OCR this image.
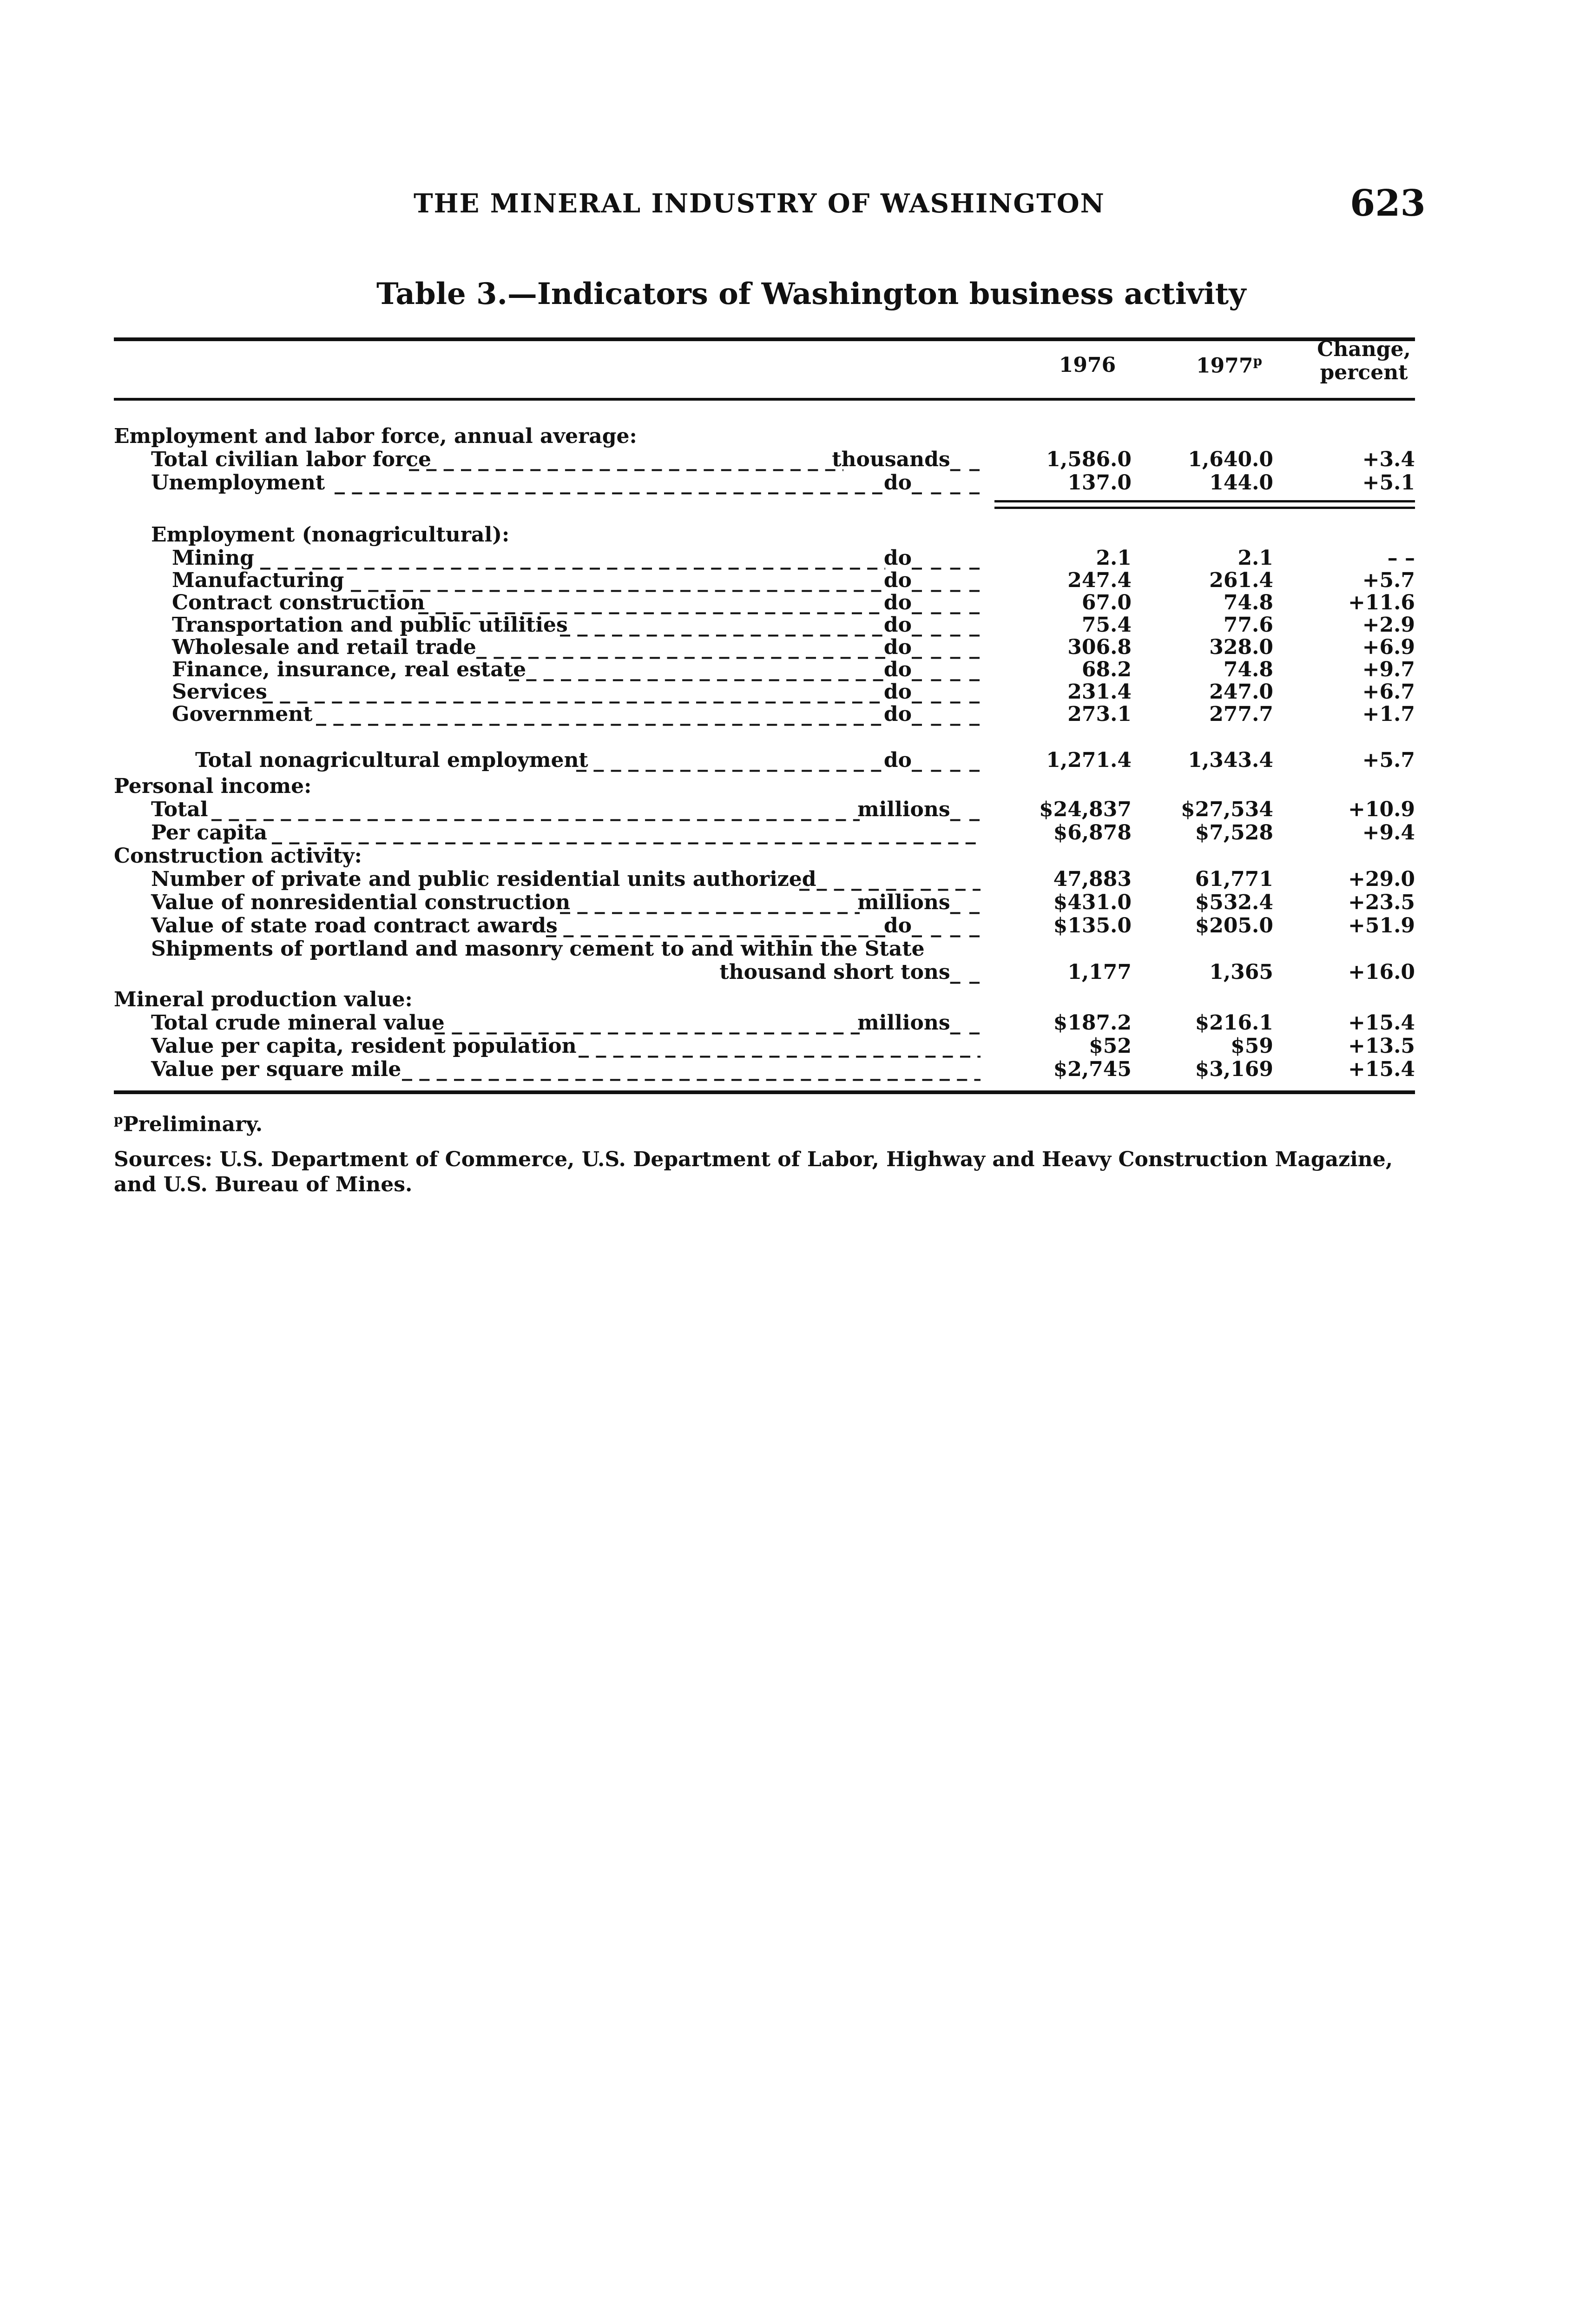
THE MINERAL INDUSTRY OF WASHINGTON	623
Table 3.—Indicators of Washington business activity
1976	1977$^p$	Change,
percent
Employment and labor force, annual average:
Total civilian labor force _ _ _	thousands_ _	1,586.0	1,640.0	+3.4
Unemployment _ _ _	do_ _ _ _	137.0	144.0	+5.1
Employment (nonagricultural):
Mining _ _ _	do_ _ _ _	2.1	2.1	– –
Manufacturing _ _ _	do_ _ _ _	247.4	261.4	+5.7
Contract construction _ _ _	do_ _ _ _	67.0	74.8	+11.6
Transportation and public utilities _ _ _	do_ _ _ _	75.4	77.6	+2.9
Wholesale and retail trade _ _ _	do_ _ _ _	306.8	328.0	+6.9
Finance, insurance, real estate _ _ _	do_ _ _ _	68.2	74.8	+9.7
Services _ _ _	do_ _ _ _	231.4	247.0	+6.7
Government _ _ _	do_ _ _ _	273.1	277.7	+1.7
Total nonagricultural employment _ _ _	do_ _ _ _	1,271.4	1,343.4	+5.7
Personal income:
Total _ _ _	millions_ _	$24,837 $27,534	+10.9
Per capita _ _ _	$6,878	$7,528	+9.4
Construction activity:
Number of private and public residential units authorized _ _ _	47,883	61,771	+29.0
Value of nonresidential construction _ _ _	millions_ _	$431.0	$532.4	+23.5
Value of state road contract awards _ _ _	do_ _ _ _	$135.0	$205.0	+51.9
Shipments of portland and masonry cement to and within the State
thousand short tons_ _	1,177	1,365	+16.0
Mineral production value:
Total crude mineral value _ _ _	millions_ _	$187.2	$216.1	+15.4
Value per capita, resident population _ _ _	$52	$59	+13.5
Value per square mile _ _ _	$2,745	$3,169	+15.4
$^p$Preliminary.
Sources: U.S. Department of Commerce, U.S. Department of Labor, Highway and Heavy Construction Magazine, and U.S. Bureau of Mines.
